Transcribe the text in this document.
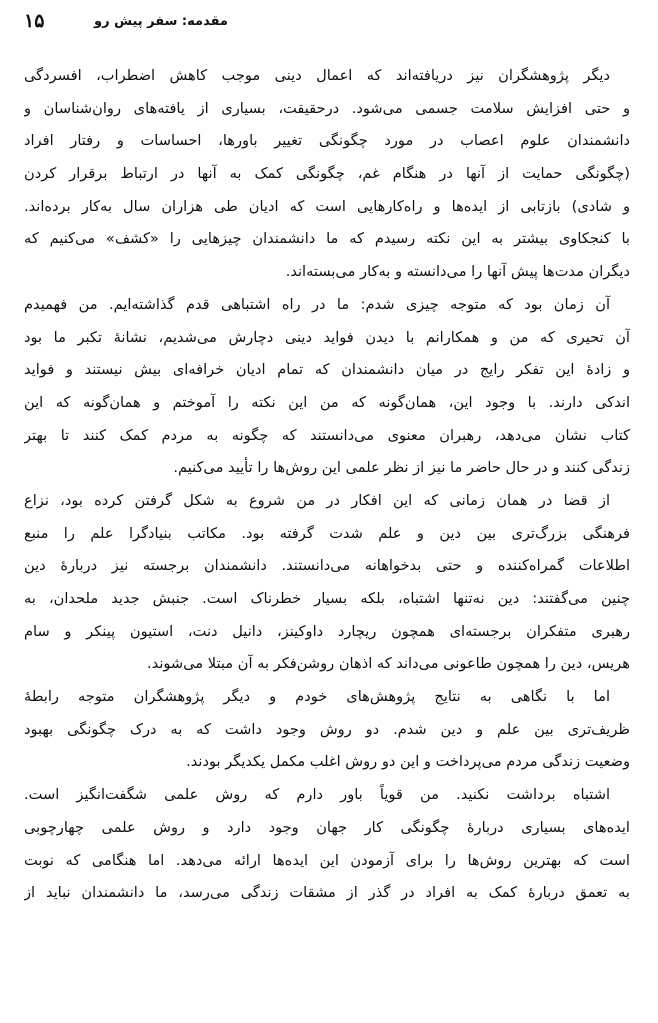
۱۵	مقدمه: سفر پیش رو
دیگر پژوهشگران نیز دریافته‌اند که اعمال دینی موجب کاهش اضطراب، افسردگی
و حتی افزایش سلامت جسمی می‌شود. درحقیقت، بسیاری از یافته‌های روان‌شناسان و
دانشمندان علوم اعصاب در مورد چگونگی تغییر باورها، احساسات و رفتار افراد
(چگونگی حمایت از آنها در هنگام غم، چگونگی کمک به آنها در ارتباط برقرار کردن
و شادی) بازتابی از ایده‌ها و راه‌کارهایی است که ادیان طی هزاران سال به‌کار برده‌اند.
با کنجکاوی بیشتر به این نکته رسیدم که ما دانشمندان چیزهایی را «کشف» می‌کنیم که
دیگران مدت‌ها پیش آنها را می‌دانسته و به‌کار می‌بسته‌اند.
آن زمان بود که متوجه چیزی شدم: ما در راه اشتباهی قدم گذاشته‌ایم. من فهمیدم
آن تحیری که من و همکارانم با دیدن فواید دینی دچارش می‌شدیم، نشانهٔ تکبر ما بود
و زادهٔ این تفکر رایج در میان دانشمندان که تمام ادیان خرافه‌ای بیش نیستند و فواید
اندکی دارند. با وجود این، همان‌گونه که من این نکته را آموختم و همان‌گونه که این
کتاب نشان می‌دهد، رهبران معنوی می‌دانستند که چگونه به مردم کمک کنند تا بهتر
زندگی کنند و در حال حاضر ما نیز از نظر علمی این روش‌ها را تأیید می‌کنیم.
از قضا در همان زمانی که این افکار در من شروع به شکل گرفتن کرده بود، نزاع
فرهنگی بزرگ‌تری بین دین و علم شدت گرفته بود. مکاتب بنیادگرا علم را منبع
اطلاعات گمراه‌کننده و حتی بدخواهانه می‌دانستند. دانشمندان برجسته نیز دربارهٔ دین
چنین می‌گفتند: دین نه‌تنها اشتباه، بلکه بسیار خطرناک است. جنبش جدید ملحدان، به
رهبری متفکران برجسته‌ای همچون ریچارد داوکینز، دانیل دنت، استیون پینکر و سام
هریس، دین را همچون طاعونی می‌داند که اذهان روشن‌فکر به آن مبتلا می‌شوند.
اما با نگاهی به نتایج پژوهش‌های خودم و دیگر پژوهشگران متوجه رابطهٔ
ظریف‌تری بین علم و دین شدم. دو روش وجود داشت که به درک چگونگی بهبود
وضعیت زندگی مردم می‌پرداخت و این دو روش اغلب مکمل یکدیگر بودند.
اشتباه برداشت نکنید. من قویاً باور دارم که روش علمی شگفت‌انگیز است.
ایده‌های بسیاری دربارهٔ چگونگی کار جهان وجود دارد و روش علمی چهارچوبی
است که بهترین روش‌ها را برای آزمودن این ایده‌ها ارائه می‌دهد. اما هنگامی که نوبت
به تعمق دربارهٔ کمک به افراد در گذر از مشقات زندگی می‌رسد، ما دانشمندان نباید از
